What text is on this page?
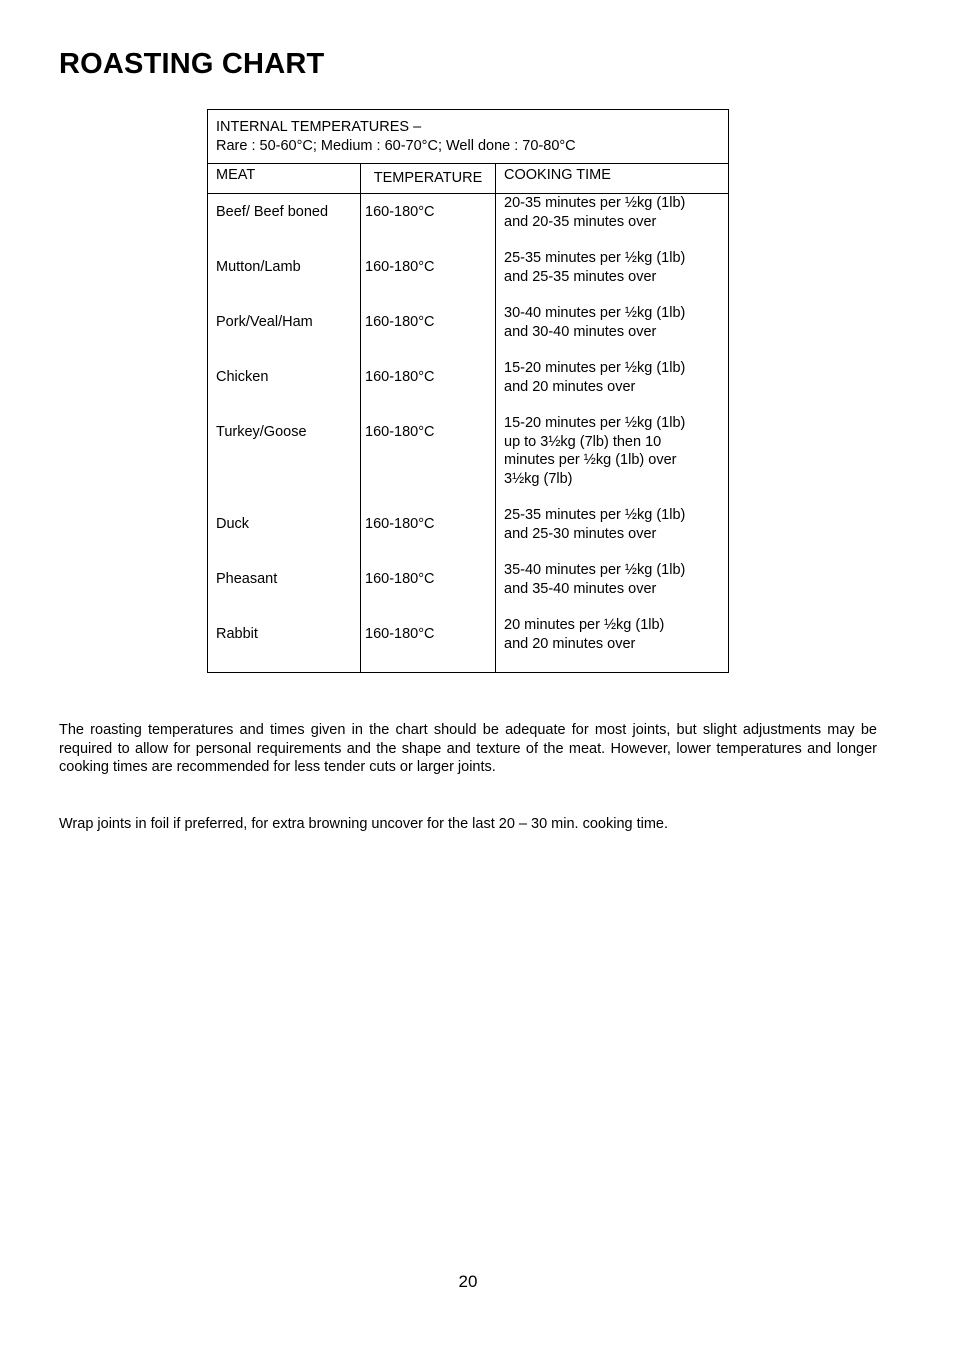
ROASTING CHART
INTERNAL TEMPERATURES –
Rare : 50-60°C; Medium : 60-70°C; Well done : 70-80°C		

MEAT	TEMPERATURE	COOKING TIME
Beef/ Beef boned	160-180°C	20-35 minutes per ½kg (1lb)
and 20-35 minutes over

Mutton/Lamb	160-180°C	25-35 minutes per ½kg (1lb)
and 25-35 minutes over

Pork/Veal/Ham	160-180°C	30-40 minutes per ½kg (1lb)
and 30-40 minutes over

Chicken	160-180°C	15-20 minutes per ½kg (1lb)
and 20 minutes over

Turkey/Goose	160-180°C	15-20 minutes per ½kg (1lb)
up to 3½kg (7lb) then 10
minutes per ½kg (1lb) over
3½kg (7lb)

Duck	160-180°C	25-35 minutes per ½kg (1lb)
and 25-30 minutes over

Pheasant	160-180°C	35-40 minutes per ½kg (1lb)
and 35-40 minutes over

Rabbit	160-180°C	20 minutes per ½kg (1lb)
and 20 minutes over

The roasting temperatures and times given in the chart should be adequate for most joints, but slight adjustments may be required to allow for personal requirements and the shape and texture of the meat. However, lower temperatures and longer cooking times are recommended for less tender cuts or larger joints.

Wrap joints in foil if preferred, for extra browning uncover for the last 20 – 30 min. cooking time.

20
